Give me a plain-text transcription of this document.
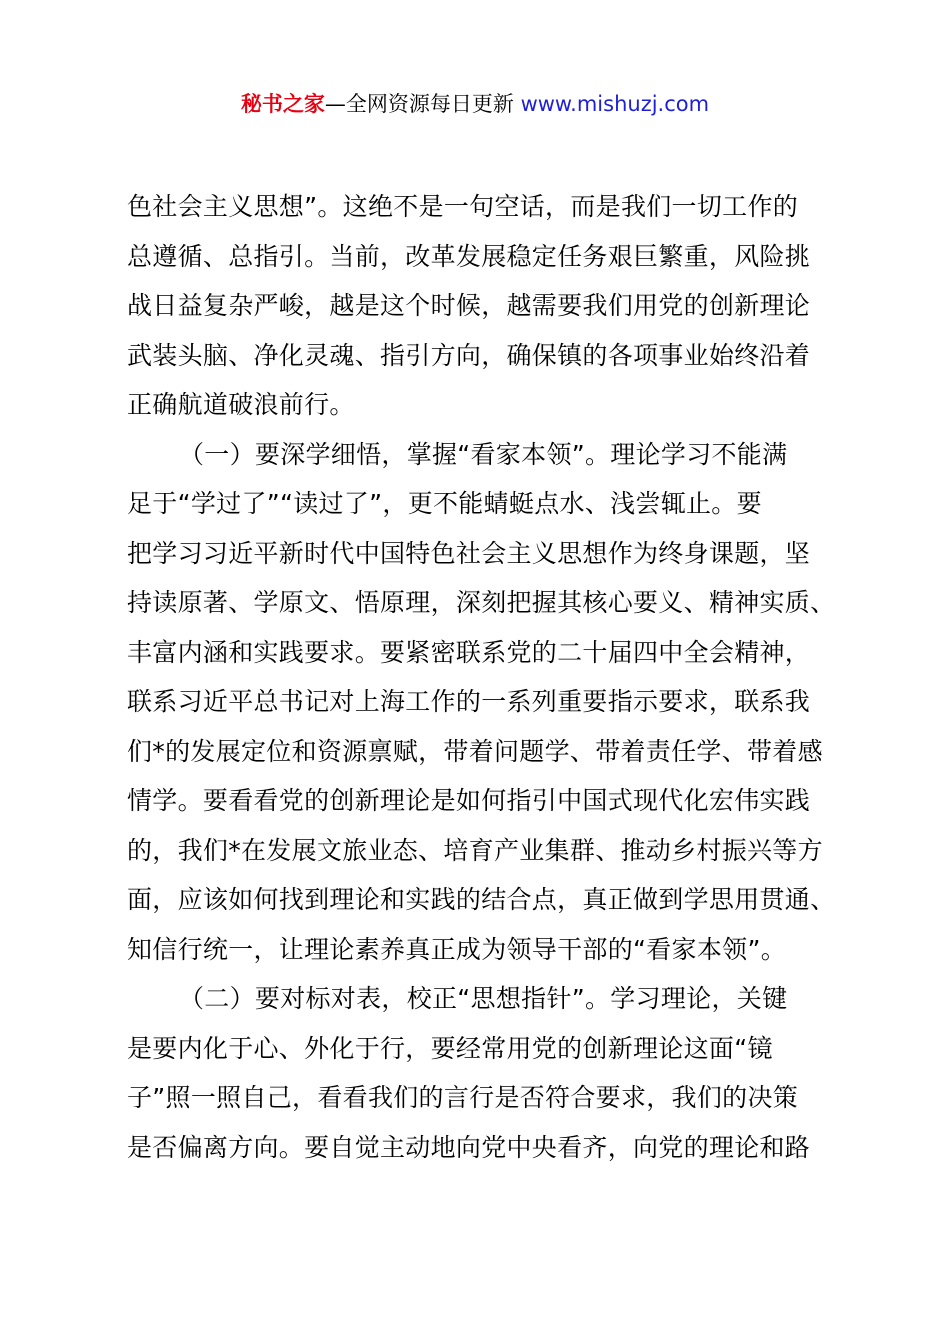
秘书之家—全网资源每日更新 www.mishuzj.com
色社会主义思想”。这绝不是一句空话，而是我们一切工作的
总遵循、总指引。当前，改革发展稳定任务艰巨繁重，风险挑
战日益复杂严峻，越是这个时候，越需要我们用党的创新理论
武装头脑、净化灵魂、指引方向，确保镇的各项事业始终沿着
正确航道破浪前行。
（一）要深学细悟，掌握“看家本领”。理论学习不能满
足于“学过了”“读过了”，更不能蜻蜓点水、浅尝辄止。要
把学习习近平新时代中国特色社会主义思想作为终身课题，坚
持读原著、学原文、悟原理，深刻把握其核心要义、精神实质、
丰富内涵和实践要求。要紧密联系党的二十届四中全会精神，
联系习近平总书记对上海工作的一系列重要指示要求，联系我
们*的发展定位和资源禀赋，带着问题学、带着责任学、带着感
情学。要看看党的创新理论是如何指引中国式现代化宏伟实践
的，我们*在发展文旅业态、培育产业集群、推动乡村振兴等方
面，应该如何找到理论和实践的结合点，真正做到学思用贯通、
知信行统一，让理论素养真正成为领导干部的“看家本领”。
（二）要对标对表，校正“思想指针”。学习理论，关键
是要内化于心、外化于行，要经常用党的创新理论这面“镜
子”照一照自己，看看我们的言行是否符合要求，我们的决策
是否偏离方向。要自觉主动地向党中央看齐，向党的理论和路
